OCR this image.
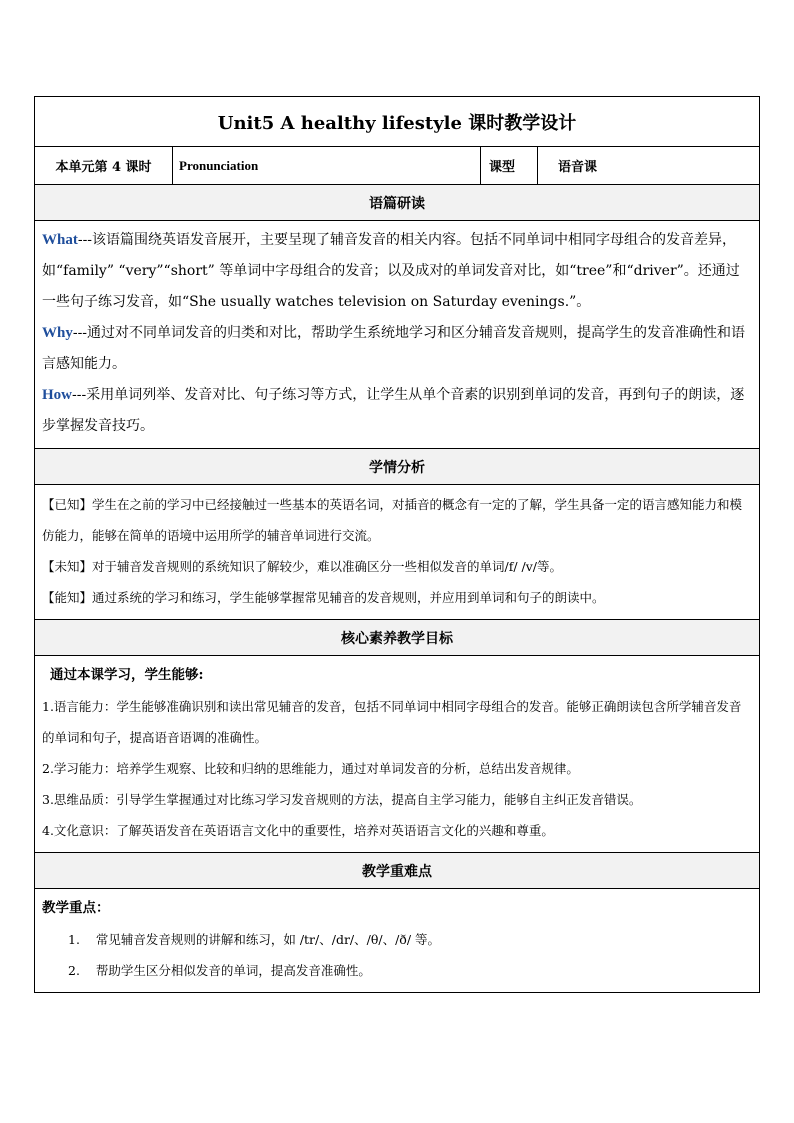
Unit5 A healthy lifestyle 课时教学设计
本单元第 4 课时	Pronunciation	课型	语音课
语篇研读

What---该语篇围绕英语发音展开，主要呈现了辅音发音的相关内容。包括不同单词中相同字母组合的发音差异，如“family” “very”“short” 等单词中字母组合的发音；以及成对的单词发音对比，如“tree”和“driver”。还通过一些句子练习发音，如“She usually watches television on Saturday evenings.”。

Why---通过对不同单词发音的归类和对比，帮助学生系统地学习和区分辅音发音规则，提高学生的发音准确性和语言感知能力。

How---采用单词列举、发音对比、句子练习等方式，让学生从单个音素的识别到单词的发音，再到句子的朗读，逐步掌握发音技巧。

学情分析

【已知】学生在之前的学习中已经接触过一些基本的英语名词，对插音的概念有一定的了解，学生具备一定的语言感知能力和模仿能力，能够在简单的语境中运用所学的辅音单词进行交流。

【未知】对于辅音发音规则的系统知识了解较少，难以准确区分一些相似发音的单词/f/ /v/等。

【能知】通过系统的学习和练习，学生能够掌握常见辅音的发音规则，并应用到单词和句子的朗读中。

核心素养教学目标

通过本课学习，学生能够:

1.语言能力：学生能够准确识别和读出常见辅音的发音，包括不同单词中相同字母组合的发音。能够正确朗读包含所学辅音发音的单词和句子，提高语音语调的准确性。

2.学习能力：培养学生观察、比较和归纳的思维能力，通过对单词发音的分析，总结出发音规律。

3.思维品质：引导学生掌握通过对比练习学习发音规则的方法，提高自主学习能力，能够自主纠正发音错误。

4.文化意识：了解英语发音在英语语言文化中的重要性，培养对英语语言文化的兴趣和尊重。

教学重难点

教学重点：

1. 常见辅音发音规则的讲解和练习，如 /tr/、/dr/、/θ/、/ð/ 等。

2. 帮助学生区分相似发音的单词，提高发音准确性。
